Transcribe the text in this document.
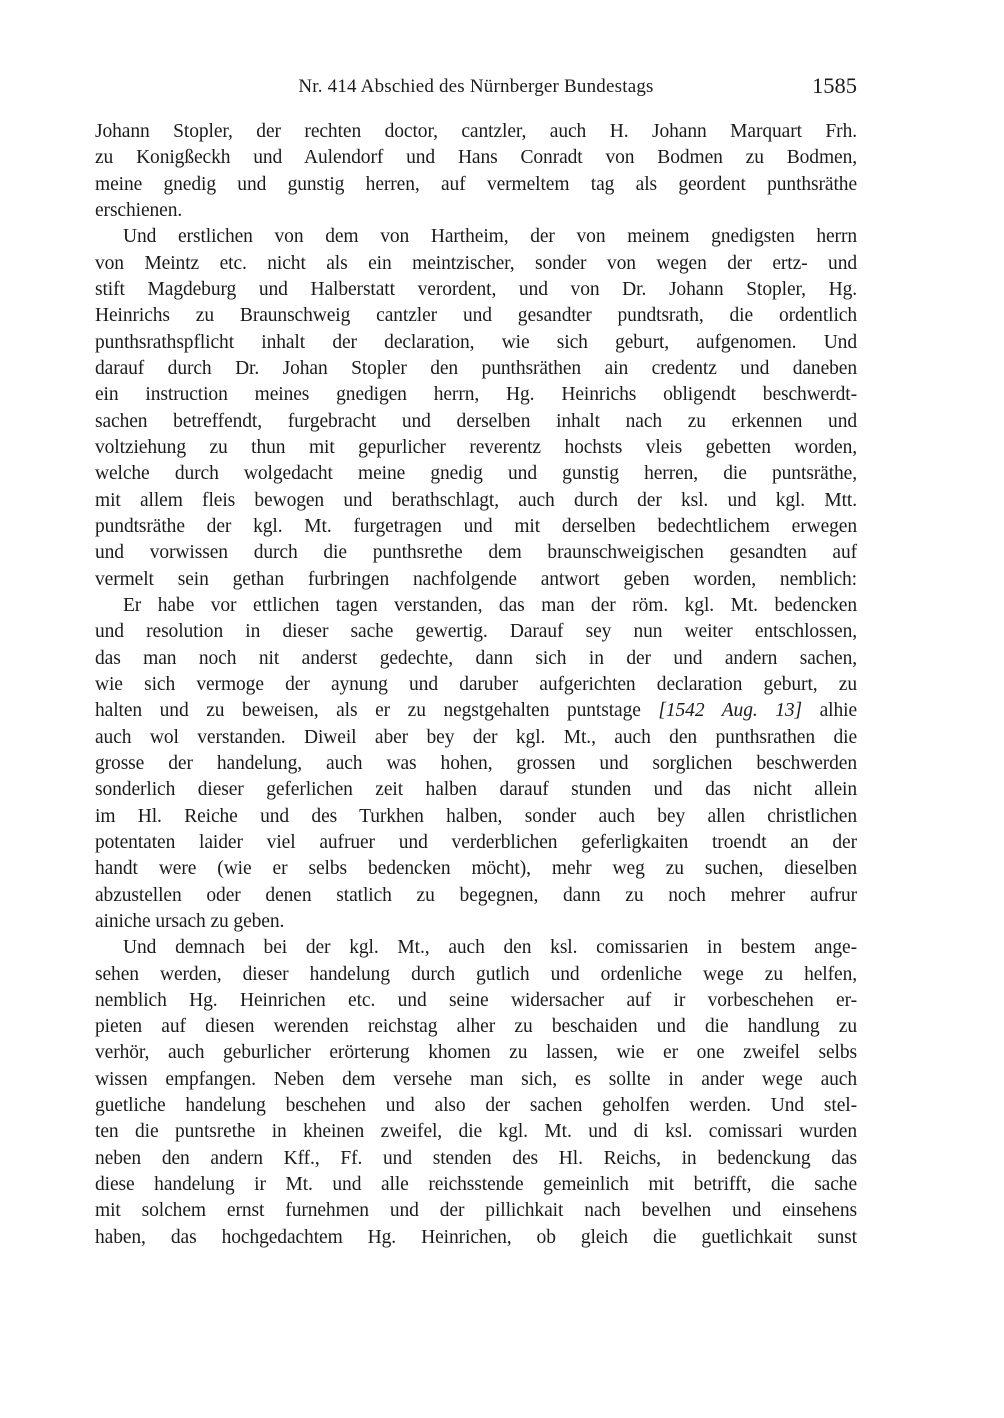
Nr. 414 Abschied des Nürnberger Bundestags	1585
Johann Stopler, der rechten doctor, cantzler, auch H. Johann Marquart Frh.
zu Konigßeckh und Aulendorf und Hans Conradt von Bodmen zu Bodmen,
meine gnedig und gunstig herren, auf vermeltem tag als geordent punthsräthe
erschienen.
Und erstlichen von dem von Hartheim, der von meinem gnedigsten herrn
von Meintz etc. nicht als ein meintzischer, sonder von wegen der ertz- und
stift Magdeburg und Halberstatt verordent, und von Dr. Johann Stopler, Hg.
Heinrichs zu Braunschweig cantzler und gesandter pundtsrath, die ordentlich
punthsrathspflicht inhalt der declaration, wie sich geburt, aufgenomen. Und
darauf durch Dr. Johan Stopler den punthsräthen ain credentz und daneben
ein instruction meines gnedigen herrn, Hg. Heinrichs obligendt beschwerdt-
sachen betreffendt, furgebracht und derselben inhalt nach zu erkennen und
voltziehung zu thun mit gepurlicher reverentz hochsts vleis gebetten worden,
welche durch wolgedacht meine gnedig und gunstig herren, die puntsräthe,
mit allem fleis bewogen und berathschlagt, auch durch der ksl. und kgl. Mtt.
pundtsräthe der kgl. Mt. furgetragen und mit derselben bedechtlichem erwegen
und vorwissen durch die punthsrethe dem braunschweigischen gesandten auf
vermelt sein gethan furbringen nachfolgende antwort geben worden, nemblich:
Er habe vor ettlichen tagen verstanden, das man der röm. kgl. Mt. bedencken
und resolution in dieser sache gewertig. Darauf sey nun weiter entschlossen,
das man noch nit anderst gedechte, dann sich in der und andern sachen,
wie sich vermoge der aynung und daruber aufgerichten declaration geburt, zu
halten und zu beweisen, als er zu negstgehalten puntstage [1542 Aug. 13] alhie
auch wol verstanden. Diweil aber bey der kgl. Mt., auch den punthsrathen die
grosse der handelung, auch was hohen, grossen und sorglichen beschwerden
sonderlich dieser geferlichen zeit halben darauf stunden und das nicht allein
im Hl. Reiche und des Turkhen halben, sonder auch bey allen christlichen
potentaten laider viel aufruer und verderblichen geferligkaiten troendt an der
handt were (wie er selbs bedencken möcht), mehr weg zu suchen, dieselben
abzustellen oder denen statlich zu begegnen, dann zu noch mehrer aufrur
ainiche ursach zu geben.
Und demnach bei der kgl. Mt., auch den ksl. comissarien in bestem ange-
sehen werden, dieser handelung durch gutlich und ordenliche wege zu helfen,
nemblich Hg. Heinrichen etc. und seine widersacher auf ir vorbeschehen er-
pieten auf diesen werenden reichstag alher zu beschaiden und die handlung zu
verhör, auch geburlicher erörterung khomen zu lassen, wie er one zweifel selbs
wissen empfangen. Neben dem versehe man sich, es sollte in ander wege auch
guetliche handelung beschehen und also der sachen geholfen werden. Und stel-
ten die puntsrethe in kheinen zweifel, die kgl. Mt. und di ksl. comissari wurden
neben den andern Kff., Ff. und stenden des Hl. Reichs, in bedenckung das
diese handelung ir Mt. und alle reichsstende gemeinlich mit betrifft, die sache
mit solchem ernst furnehmen und der pillichkait nach bevelhen und einsehens
haben, das hochgedachtem Hg. Heinrichen, ob gleich die guetlichkait sunst
